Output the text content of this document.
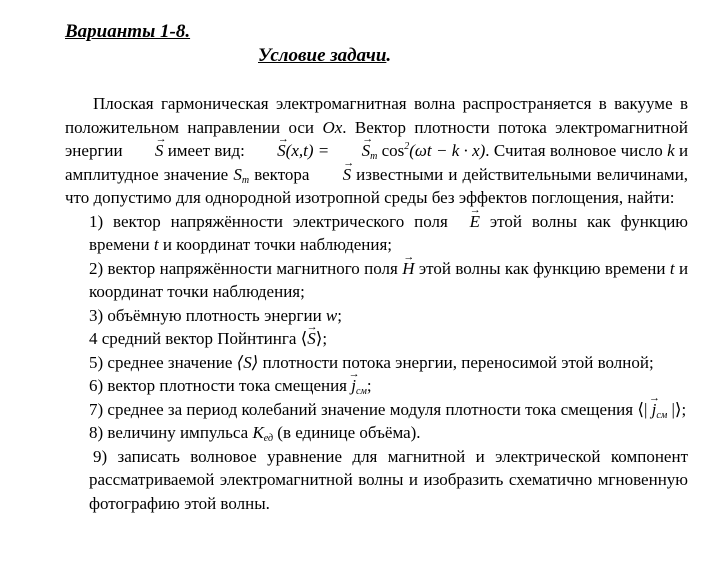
Варианты 1-8.
Условие задачи.

Плоская гармоническая электромагнитная волна распространяется в вакууме в положительном направлении оси Ox. Вектор плотности потока электромагнитной энергии → S имеет вид: → S(x,t) = → $S_m$ $\cos^2(\omega t - k \cdot x)$. Считая волновое число k и амплитудное значение $S_m$ вектора → S известными и действительными величинами, что допустимо для однородной изотропной среды без эффектов поглощения, найти:

1) вектор напряжённости электрического поля → E этой волны как функцию времени t и координат точки наблюдения;

2) вектор напряжённости магнитного поля → H этой волны как функцию времени t и координат точки наблюдения;

3) объёмную плотность энергии w;

4 средний вектор Пойнтинга ⟨→ S⟩;

5) среднее значение ⟨S⟩ плотности потока энергии, переносимой этой волной;

6) вектор плотности тока смещения → $j_{см}$;

7) среднее за период колебаний значение модуля плотности тока смещения ⟨| → $j_{см}$ |⟩;

8) величину импульса $K_{ед}$ (в единице объёма).

9) записать волновое уравнение для магнитной и электрической компонент рассматриваемой электромагнитной волны и изобразить схематично мгновенную фотографию этой волны.
